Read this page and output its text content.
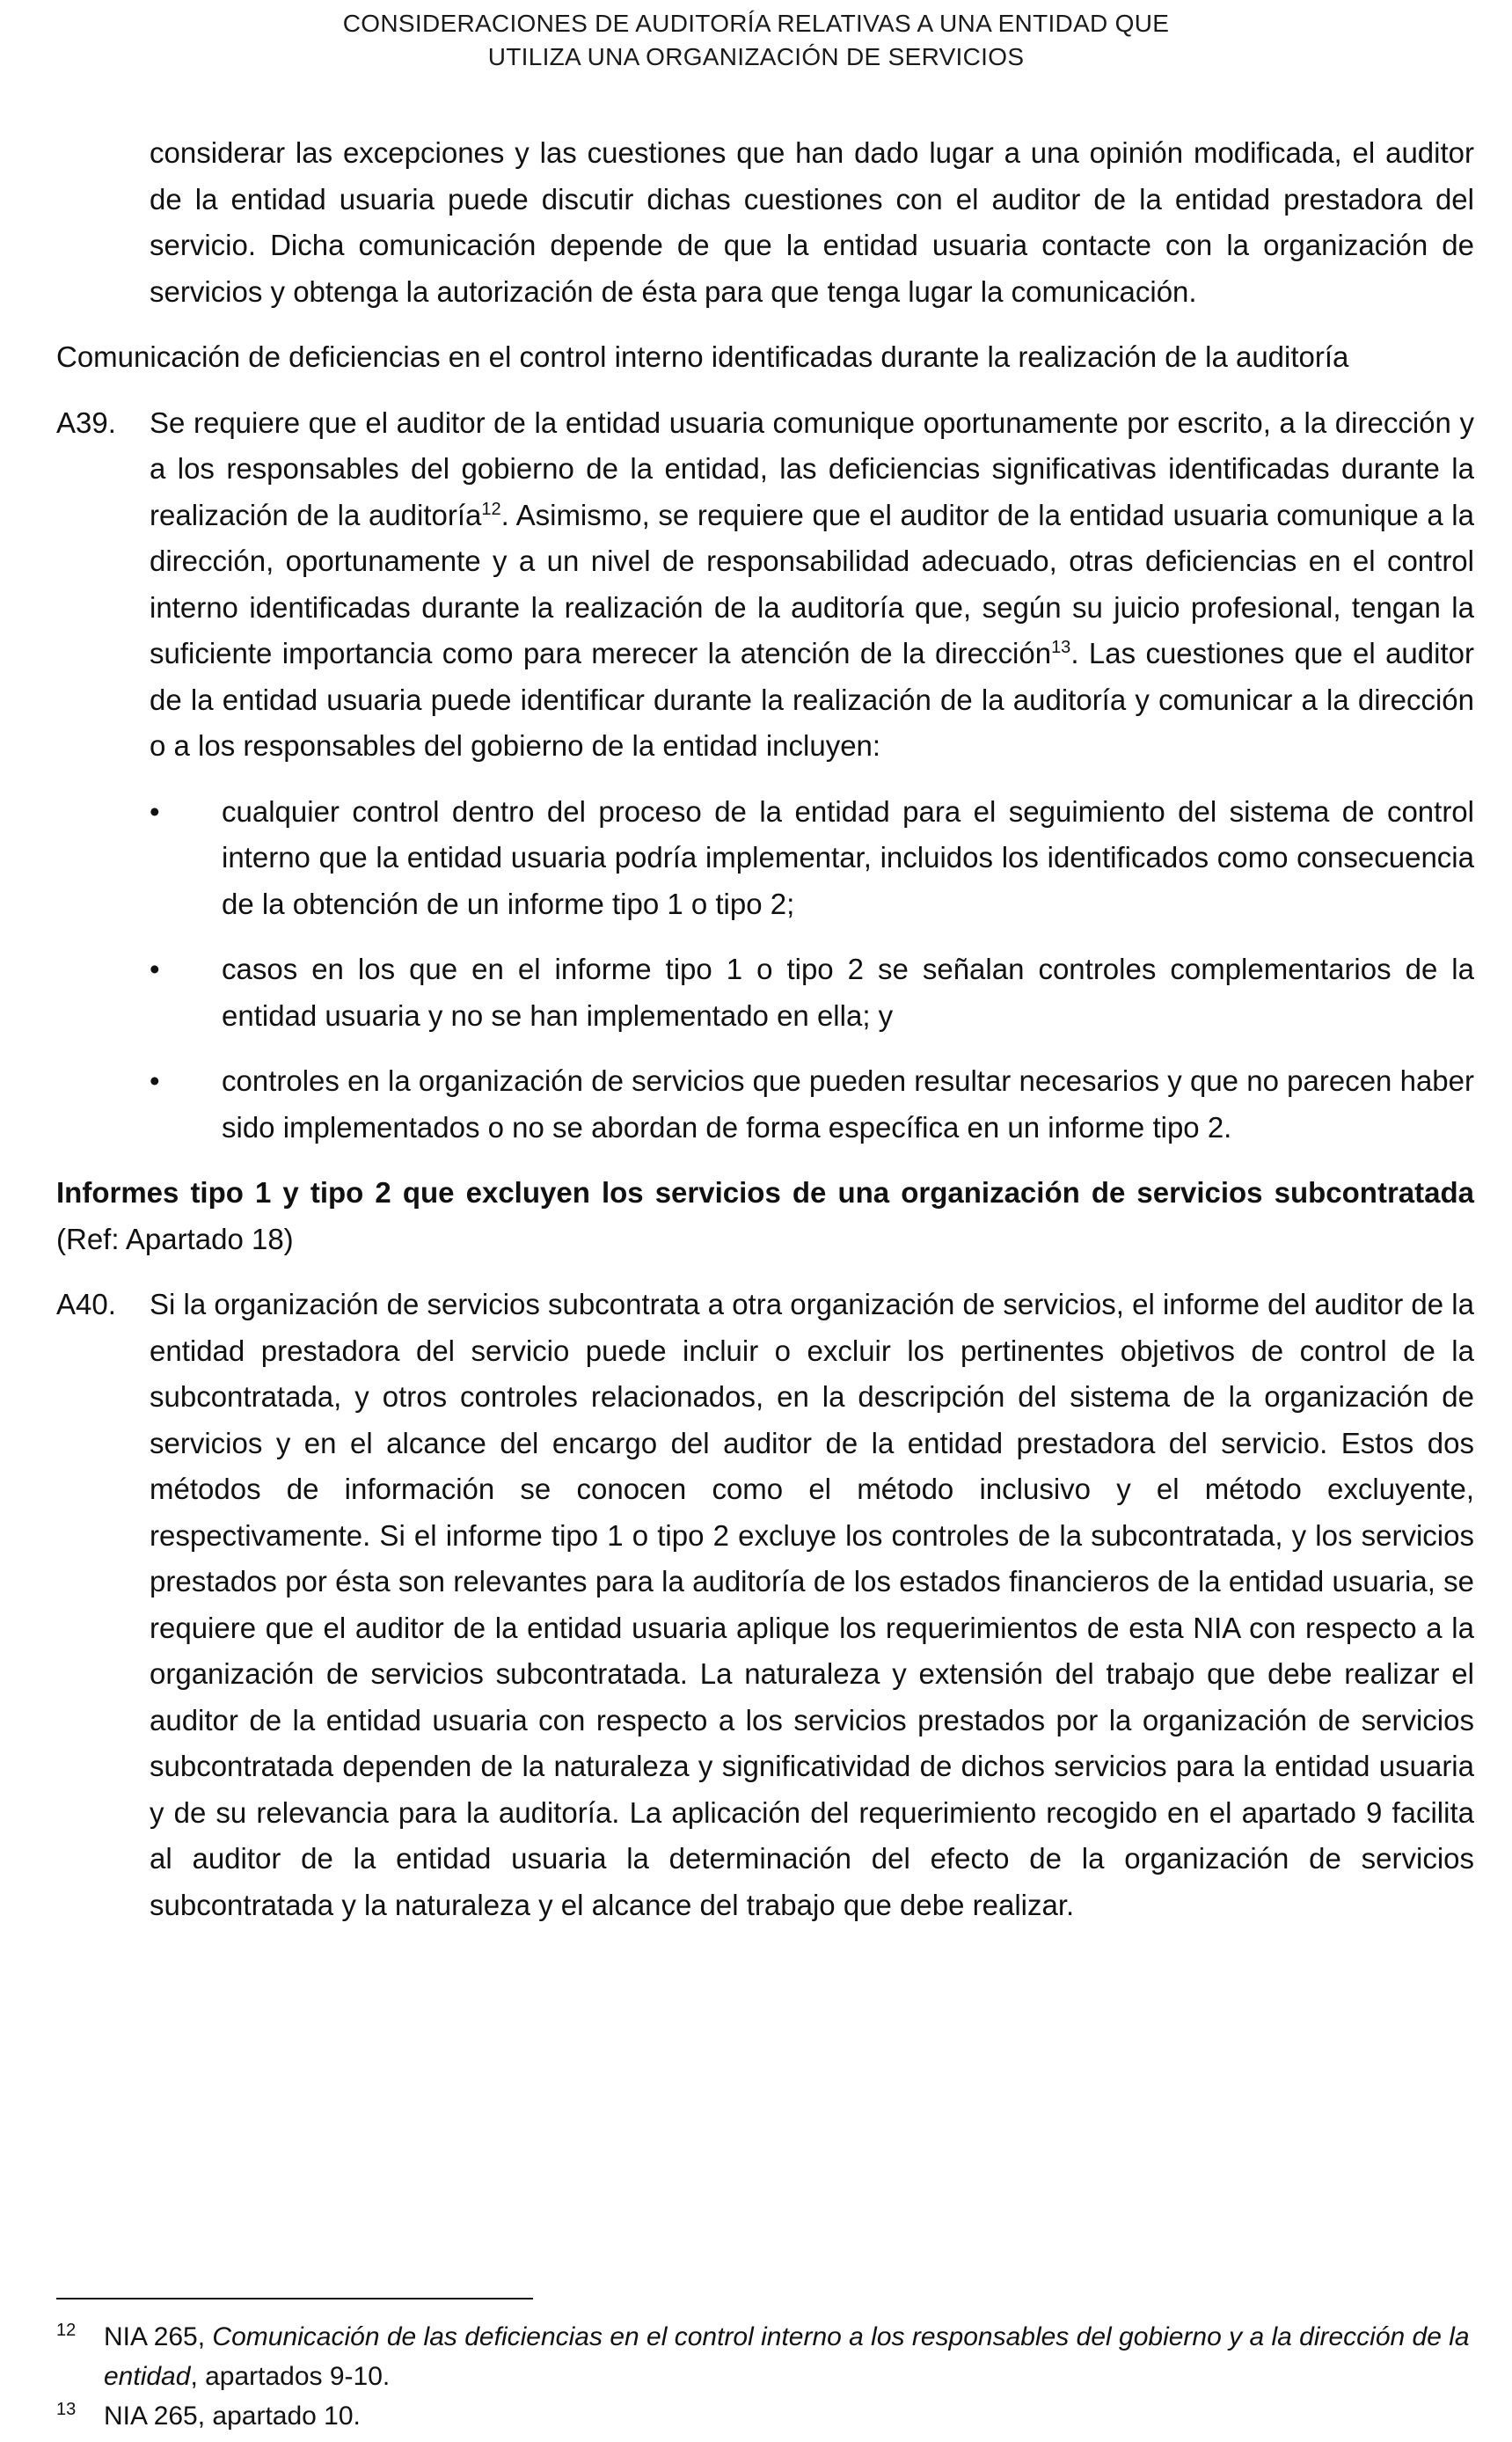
CONSIDERACIONES DE AUDITORÍA RELATIVAS A UNA ENTIDAD QUE
UTILIZA UNA ORGANIZACIÓN DE SERVICIOS

considerar las excepciones y las cuestiones que han dado lugar a una opinión modificada, el auditor de la entidad usuaria puede discutir dichas cuestiones con el auditor de la entidad prestadora del servicio. Dicha comunicación depende de que la entidad usuaria contacte con la organización de servicios y obtenga la autorización de ésta para que tenga lugar la comunicación.

Comunicación de deficiencias en el control interno identificadas durante la realización de la auditoría

A39.	Se requiere que el auditor de la entidad usuaria comunique oportunamente por escrito, a la dirección y a los responsables del gobierno de la entidad, las deficiencias significativas identificadas durante la realización de la auditoría$^{12}$. Asimismo, se requiere que el auditor de la entidad usuaria comunique a la dirección, oportunamente y a un nivel de responsabilidad adecuado, otras deficiencias en el control interno identificadas durante la realización de la auditoría que, según su juicio profesional, tengan la suficiente importancia como para merecer la atención de la dirección$^{13}$. Las cuestiones que el auditor de la entidad usuaria puede identificar durante la realización de la auditoría y comunicar a la dirección o a los responsables del gobierno de la entidad incluyen:
•	cualquier control dentro del proceso de la entidad para el seguimiento del sistema de control interno que la entidad usuaria podría implementar, incluidos los identificados como consecuencia de la obtención de un informe tipo 1 o tipo 2;
•	casos en los que en el informe tipo 1 o tipo 2 se señalan controles complementarios de la entidad usuaria y no se han implementado en ella; y
•	controles en la organización de servicios que pueden resultar necesarios y que no parecen haber sido implementados o no se abordan de forma específica en un informe tipo 2.

Informes tipo 1 y tipo 2 que excluyen los servicios de una organización de servicios subcontratada (Ref: Apartado 18)

A40.	Si la organización de servicios subcontrata a otra organización de servicios, el informe del auditor de la entidad prestadora del servicio puede incluir o excluir los pertinentes objetivos de control de la subcontratada, y otros controles relacionados, en la descripción del sistema de la organización de servicios y en el alcance del encargo del auditor de la entidad prestadora del servicio. Estos dos métodos de información se conocen como el método inclusivo y el método excluyente, respectivamente. Si el informe tipo 1 o tipo 2 excluye los controles de la subcontratada, y los servicios prestados por ésta son relevantes para la auditoría de los estados financieros de la entidad usuaria, se requiere que el auditor de la entidad usuaria aplique los requerimientos de esta NIA con respecto a la organización de servicios subcontratada. La naturaleza y extensión del trabajo que debe realizar el auditor de la entidad usuaria con respecto a los servicios prestados por la organización de servicios subcontratada dependen de la naturaleza y significatividad de dichos servicios para la entidad usuaria y de su relevancia para la auditoría. La aplicación del requerimiento recogido en el apartado 9 facilita al auditor de la entidad usuaria la determinación del efecto de la organización de servicios subcontratada y la naturaleza y el alcance del trabajo que debe realizar.
12	NIA 265, Comunicación de las deficiencias en el control interno a los responsables del gobierno y a la dirección de la entidad, apartados 9-10.
13	NIA 265, apartado 10.
